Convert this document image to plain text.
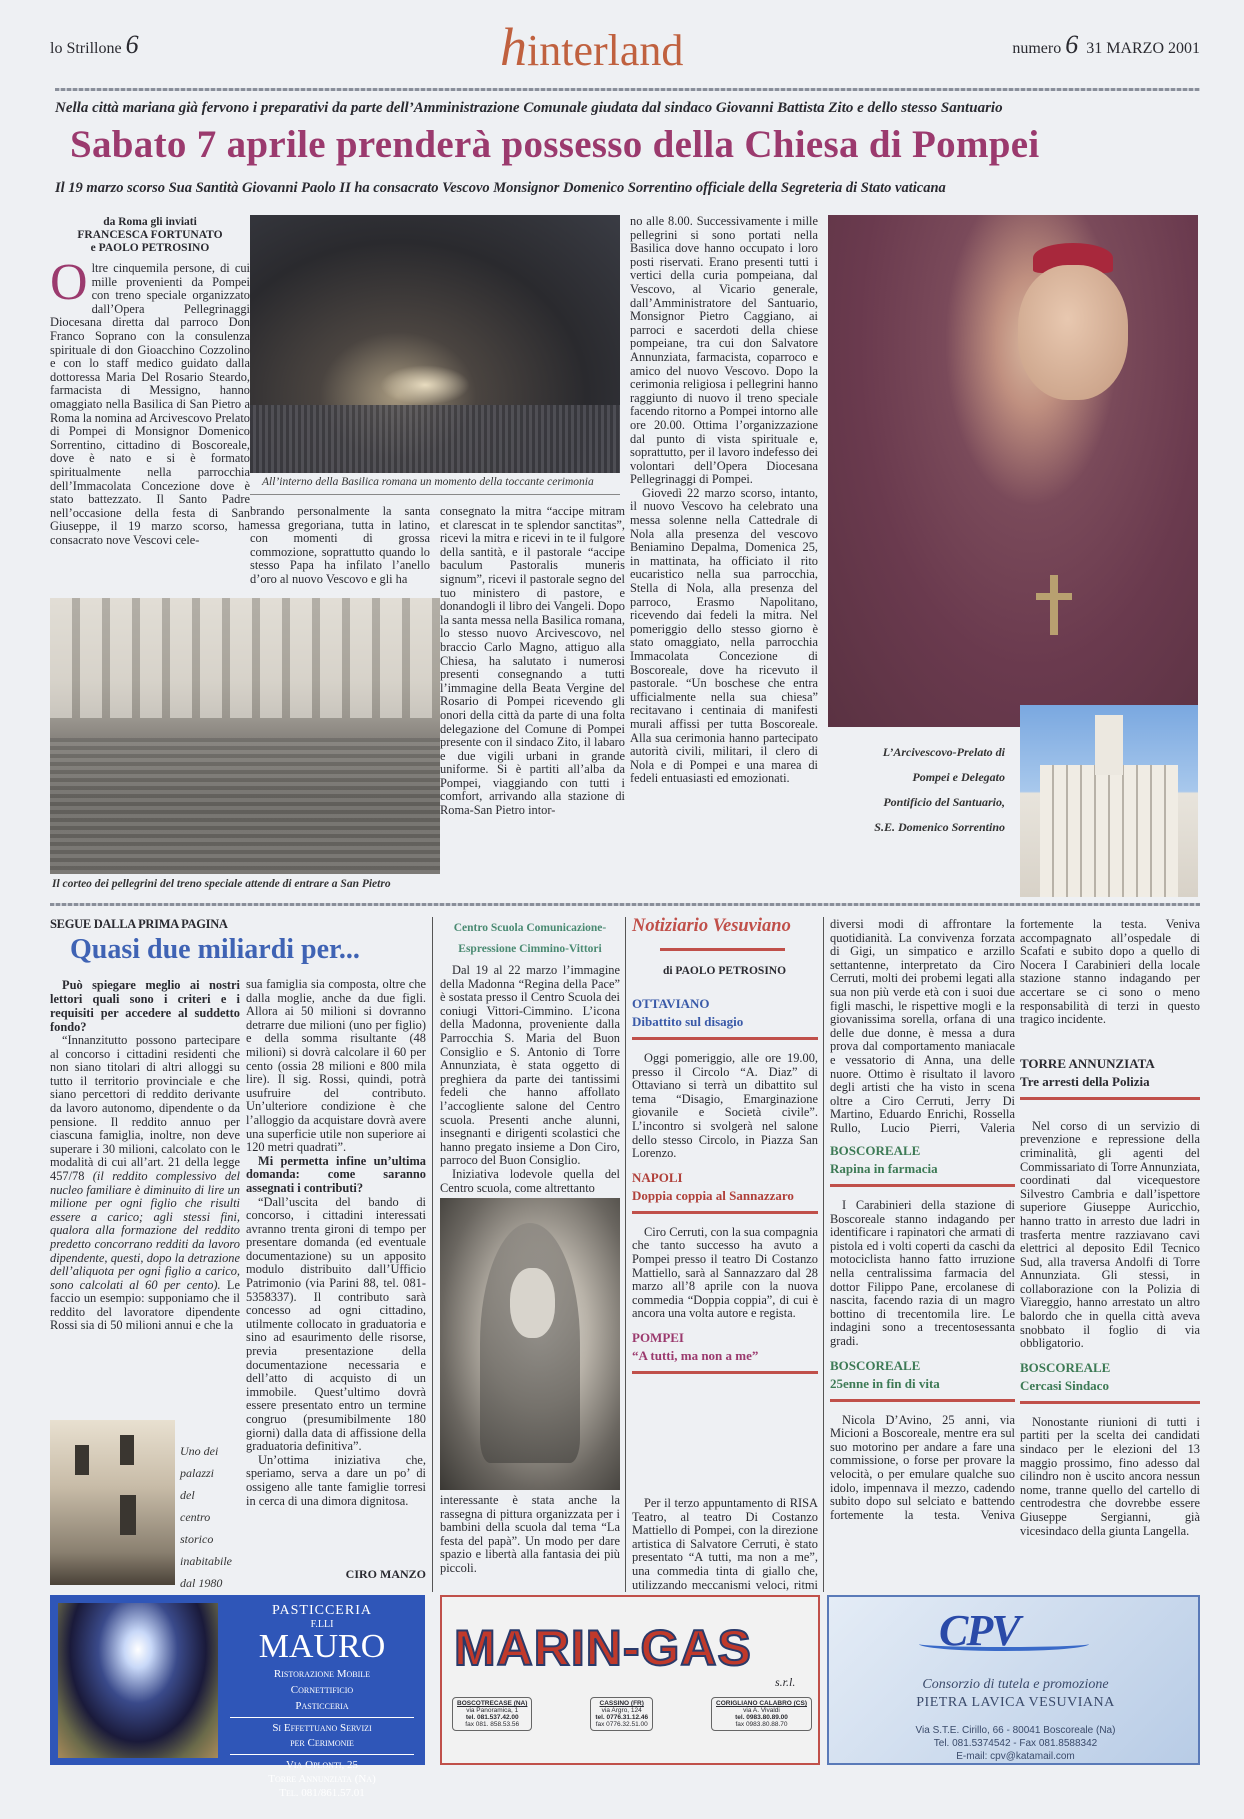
lo Strillone 6	hinterland	numero 6 31 MARZO 2001
Nella città mariana già fervono i preparativi da parte dell’Amministrazione Comunale giudata dal sindaco Giovanni Battista Zito e dello stesso Santuario
Sabato 7 aprile prenderà possesso della Chiesa di Pompei
Il 19 marzo scorso Sua Santità Giovanni Paolo II ha consacrato Vescovo Monsignor Domenico Sorrentino officiale della Segreteria di Stato vaticana
da Roma gli inviati
FRANCESCA FORTUNATO
e PAOLO PETROSINO
Oltre cinquemila persone, di cui mille provenienti da Pompei con treno speciale organizzato dall’Opera Pellegrinaggi Diocesana diretta dal parroco Don Franco Soprano con la consulenza spirituale di don Gioacchino Cozzolino e con lo staff medico guidato dalla dottoressa Maria Del Rosario Steardo, farmacista di Messigno, hanno omaggiato nella Basilica di San Pietro a Roma la nomina ad Arcivescovo Prelato di Pompei di Monsignor Domenico Sorrentino, cittadino di Boscoreale, dove è nato e si è formato spiritualmente nella parrocchia dell’Immacolata Concezione dove è stato battezzato. Il Santo Padre nell’occasione della festa di San Giuseppe, il 19 marzo scorso, ha consacrato nove Vescovi cele-
All’interno della Basilica romana un momento della toccante cerimonia

brando personalmente la santa messa gregoriana, tutta in latino, con momenti di grossa commozione, soprattutto quando lo stesso Papa ha infilato l’anello d’oro al nuovo Vescovo e gli ha

consegnato la mitra “accipe mitram et clarescat in te splendor sanctitas”, ricevi la mitra e ricevi in te il fulgore della santità, e il pastorale “accipe baculum Pastoralis muneris signum”, ricevi il pastorale segno del tuo ministero di pastore, e donandogli il libro dei Vangeli. Dopo la santa messa nella Basilica romana, lo stesso nuovo Arcivescovo, nel braccio Carlo Magno, attiguo alla Chiesa, ha salutato i numerosi presenti consegnando a tutti l’immagine della Beata Vergine del Rosario di Pompei ricevendo gli onori della città da parte di una folta delegazione del Comune di Pompei presente con il sindaco Zito, il labaro e due vigili urbani in grande uniforme. Si è partiti all’alba da Pompei, viaggiando con tutti i comfort, arrivando alla stazione di Roma-San Pietro intor-

Il corteo dei pellegrini del treno speciale attende di entrare a San Pietro

no alle 8.00. Successivamente i mille pellegrini si sono portati nella Basilica dove hanno occupato i loro posti riservati. Erano presenti tutti i vertici della curia pompeiana, dal Vescovo, al Vicario generale, dall’Amministratore del Santuario, Monsignor Pietro Caggiano, ai parroci e sacerdoti della chiese pompeiane, tra cui don Salvatore Annunziata, farmacista, coparroco e amico del nuovo Vescovo. Dopo la cerimonia religiosa i pellegrini hanno raggiunto di nuovo il treno speciale facendo ritorno a Pompei intorno alle ore 20.00. Ottima l’organizzazione dal punto di vista spirituale e, soprattutto, per il lavoro indefesso dei volontari dell’Opera Diocesana Pellegrinaggi di Pompei.

Giovedì 22 marzo scorso, intanto, il nuovo Vescovo ha celebrato una messa solenne nella Cattedrale di Nola alla presenza del vescovo Beniamino Depalma, Domenica 25, in mattinata, ha officiato il rito eucaristico nella sua parrocchia, Stella di Nola, alla presenza del parroco, Erasmo Napolitano, ricevendo dai fedeli la mitra. Nel pomeriggio dello stesso giorno è stato omaggiato, nella parrocchia Immacolata Concezione di Boscoreale, dove ha ricevuto il pastorale. “Un boschese che entra ufficialmente nella sua chiesa” recitavano i centinaia di manifesti murali affissi per tutta Boscoreale. Alla sua cerimonia hanno partecipato autorità civili, militari, il clero di Nola e di Pompei e una marea di fedeli entuasiasti ed emozionati.

L’Arcivescovo-Prelato di
Pompei e Delegato
Pontificio del Santuario,
S.E. Domenico Sorrentino
SEGUE DALLA PRIMA PAGINA
Quasi due miliardi per...

Può spiegare meglio ai nostri lettori quali sono i criteri e i requisiti per accedere al suddetto fondo?

“Innanzitutto possono partecipare al concorso i cittadini residenti che non siano titolari di altri alloggi su tutto il territorio provinciale e che siano percettori di reddito derivante da lavoro autonomo, dipendente o da pensione. Il reddito annuo per ciascuna famiglia, inoltre, non deve superare i 30 milioni, calcolato con le modalità di cui all’art. 21 della legge 457/78 (il reddito complessivo del nucleo familiare è diminuito di lire un milione per ogni figlio che risulti essere a carico; agli stessi fini, qualora alla formazione del reddito predetto concorrano redditi da lavoro dipendente, questi, dopo la detrazione dell’aliquota per ogni figlio a carico, sono calcolati al 60 per cento). Le faccio un esempio: supponiamo che il reddito del lavoratore dipendente Rossi sia di 50 milioni annui e che la

Uno dei
palazzi
del
centro
storico
inabitabile
dal 1980

sua famiglia sia composta, oltre che dalla moglie, anche da due figli. Allora ai 50 milioni si dovranno detrarre due milioni (uno per figlio) e della somma risultante (48 milioni) si dovrà calcolare il 60 per cento (ossia 28 milioni e 800 mila lire). Il sig. Rossi, quindi, potrà usufruire del contributo. Un’ulteriore condizione è che l’alloggio da acquistare dovrà avere una superficie utile non superiore ai 120 metri quadrati”.

Mi permetta infine un’ultima domanda: come saranno assegnati i contributi?

“Dall’uscita del bando di concorso, i cittadini interessati avranno trenta gironi di tempo per presentare domanda (ed eventuale documentazione) su un apposito modulo distribuito dall’Ufficio Patrimonio (via Parini 88, tel. 081-5358337). Il contributo sarà concesso ad ogni cittadino, utilmente collocato in graduatoria e sino ad esaurimento delle risorse, previa presentazione della documentazione necessaria e dell’atto di acquisto di un immobile. Quest’ultimo dovrà essere presentato entro un termine congruo (presumibilmente 180 giorni) dalla data di affissione della graduatoria definitiva”.

Un’ottima iniziativa che, speriamo, serva a dare un po’ di ossigeno alle tante famiglie torresi in cerca di una dimora dignitosa.

CIRO MANZO
Centro Scuola Comunicazione-
Espressione Cimmino-Vittori

Dal 19 al 22 marzo l’immagine della Madonna “Regina della Pace” è sostata presso il Centro Scuola dei coniugi Vittori-Cimmino. L’icona della Madonna, proveniente dalla Parrocchia S. Maria del Buon Consiglio e S. Antonio di Torre Annunziata, è stata oggetto di preghiera da parte dei tantissimi fedeli che hanno affollato l’accogliente salone del Centro scuola. Presenti anche alunni, insegnanti e dirigenti scolastici che hanno pregato insieme a Don Ciro, parroco del Buon Consiglio.

Iniziativa lodevole quella del Centro scuola, come altrettanto

interessante è stata anche la rassegna di pittura organizzata per i bambini della scuola dal tema “La festa del papà”. Un modo per dare spazio e libertà alla fantasia dei più piccoli.

Notiziario Vesuviano
di PAOLO PETROSINO
OTTAVIANO
Dibattito sul disagio

Oggi pomeriggio, alle ore 19.00, presso il Circolo “A. Diaz” di Ottaviano si terrà un dibattito sul tema “Disagio, Emarginazione giovanile e Società civile”. L’incontro si svolgerà nel salone dello stesso Circolo, in Piazza San Lorenzo.

NAPOLI
Doppia coppia al Sannazzaro

Ciro Cerruti, con la sua compagnia che tanto successo ha avuto a Pompei presso il teatro Di Costanzo Mattiello, sarà al Sannazzaro dal 28 marzo all’8 aprile con la nuova commedia “Doppia coppia”, di cui è ancora una volta autore e regista.

POMPEI
“A tutti, ma non a me”

Per il terzo appuntamento di RISA Teatro, al teatro Di Costanzo Mattiello di Pompei, con la direzione artistica di Salvatore Cerruti, è stato presentato “A tutti, ma non a me”, una commedia tinta di giallo che, utilizzando meccanismi veloci, ritmi

diversi modi di affrontare la quotidianità. La convivenza forzata di Gigi, un simpatico e arzillo settantenne, interpretato da Ciro Cerruti, molti dei probemi legati alla sua non più verde età con i suoi due figli maschi, le rispettive mogli e la giovanissima sorella, orfana di una delle due donne, è messa a dura prova dal comportamento maniacale e vessatorio di Anna, una delle nuore. Ottimo è risultato il lavoro degli artisti che ha visto in scena oltre a Ciro Cerruti, Jerry Di Martino, Eduardo Enrichi, Rossella Rullo, Lucio Pierri, Valeria

BOSCOREALE
Rapina in farmacia

I Carabinieri della stazione di Boscoreale stanno indagando per identificare i rapinatori che armati di pistola ed i volti coperti da caschi da motociclista hanno fatto irruzione nella centralissima farmacia del dottor Filippo Pane, ercolanese di nascita, facendo razia di un magro bottino di trecentomila lire. Le indagini sono a trecentosessanta gradi.

BOSCOREALE
25enne in fin di vita

Nicola D’Avino, 25 anni, via Micioni a Boscoreale, mentre era sul suo motorino per andare a fare una commissione, o forse per provare la velocità, o per emulare qualche suo idolo, impennava il mezzo, cadendo subito dopo sul selciato e battendo fortemente la testa. Veniva

fortemente la testa. Veniva accompagnato all’ospedale di Scafati e subito dopo a quello di Nocera I Carabinieri della locale stazione stanno indagando per accertare se ci sono o meno responsabilità di terzi in questo tragico incidente.

TORRE ANNUNZIATA
Tre arresti della Polizia

Nel corso di un servizio di prevenzione e repressione della criminalità, gli agenti del Commissariato di Torre Annunziata, coordinati dal vicequestore Silvestro Cambria e dall’ispettore superiore Giuseppe Auricchio, hanno tratto in arresto due ladri in trasferta mentre razziavano cavi elettrici al deposito Edil Tecnico Sud, alla traversa Andolfi di Torre Annunziata. Gli stessi, in collaborazione con la Polizia di Viareggio, hanno arrestato un altro balordo che in quella città aveva snobbato il foglio di via obbligatorio.

BOSCOREALE
Cercasi Sindaco

Nonostante riunioni di tutti i partiti per la scelta dei candidati sindaco per le elezioni del 13 maggio prossimo, fino adesso dal cilindro non è uscito ancora nessun nome, tranne quello del cartello di centrodestra che dovrebbe essere Giuseppe Sergianni, già vicesindaco della giunta Langella.

PASTICCERIA
F.LLI
MAURO
Ristorazione Mobile
Cornettificio
Pasticceria
Si Effettuano Servizi
per Cerimonie
Via Oplonti, 25
Torre Annunziata (Na)
Tel. 081/861.57.01
MARIN-GAS
s.r.l.
BOSCOTRECASE (NA)
via Panoramica, 1
tel. 081.537.42.00
fax 081. 858.53.56
CASSINO (FR)
via Argro, 124
tel. 0776.31.12.46
fax 0776.32.51.00
CORIGLIANO CALABRO (CS)
via A. Vivaldi
tel. 0983.80.89.00
fax 0983.80.88.70
CPV
Consorzio di tutela e promozione
PIETRA LAVICA VESUVIANA
Via S.T.E. Cirillo, 66 - 80041 Boscoreale (Na)
Tel. 081.5374542 - Fax 081.8588342
E-mail: cpv@katamail.com
